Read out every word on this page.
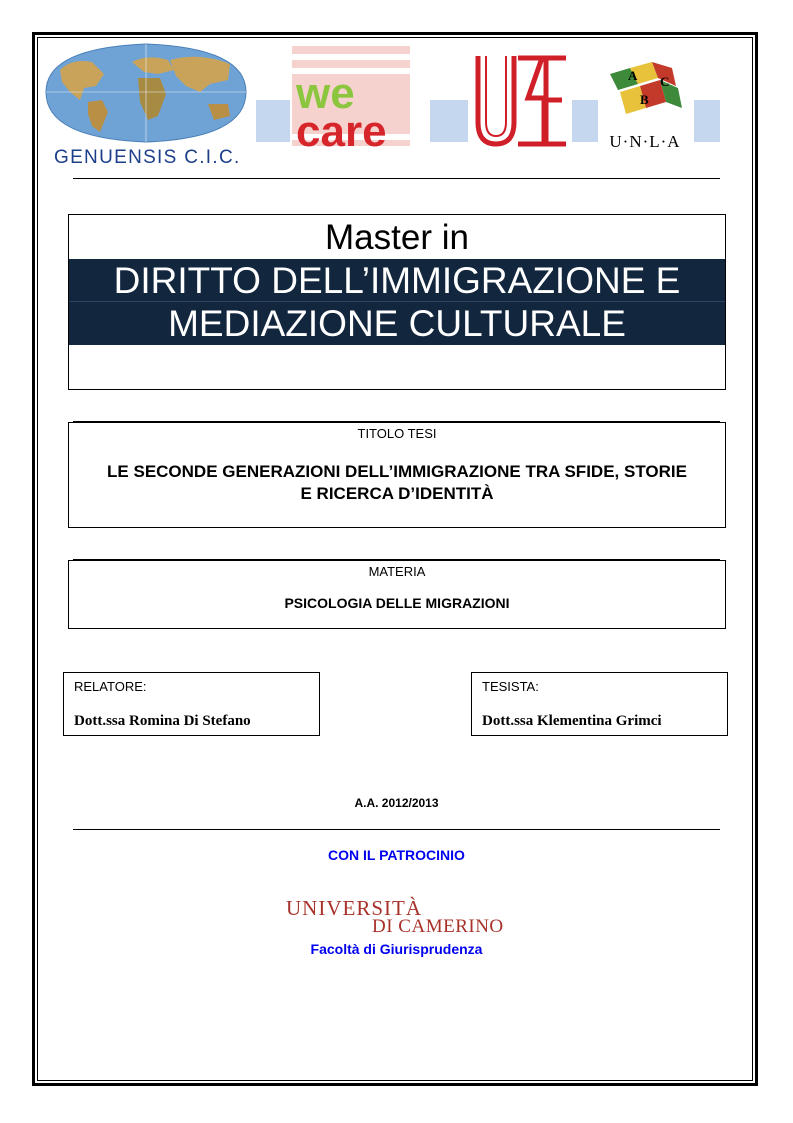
GENUENSIS C.I.C.
we
care
A
B
C
U·N·L·A
Master in
DIRITTO DELL’IMMIGRAZIONE E
MEDIAZIONE CULTURALE
TITOLO TESI
LE SECONDE GENERAZIONI DELL’IMMIGRAZIONE TRA SFIDE, STORIE
E RICERCA D’IDENTITÀ
MATERIA
PSICOLOGIA DELLE MIGRAZIONI
RELATORE:
Dott.ssa Romina Di Stefano
TESISTA:
Dott.ssa Klementina Grimci
A.A. 2012/2013
CON IL PATROCINIO
UNIVERSITÀ
DI CAMERINO
Facoltà di Giurisprudenza
